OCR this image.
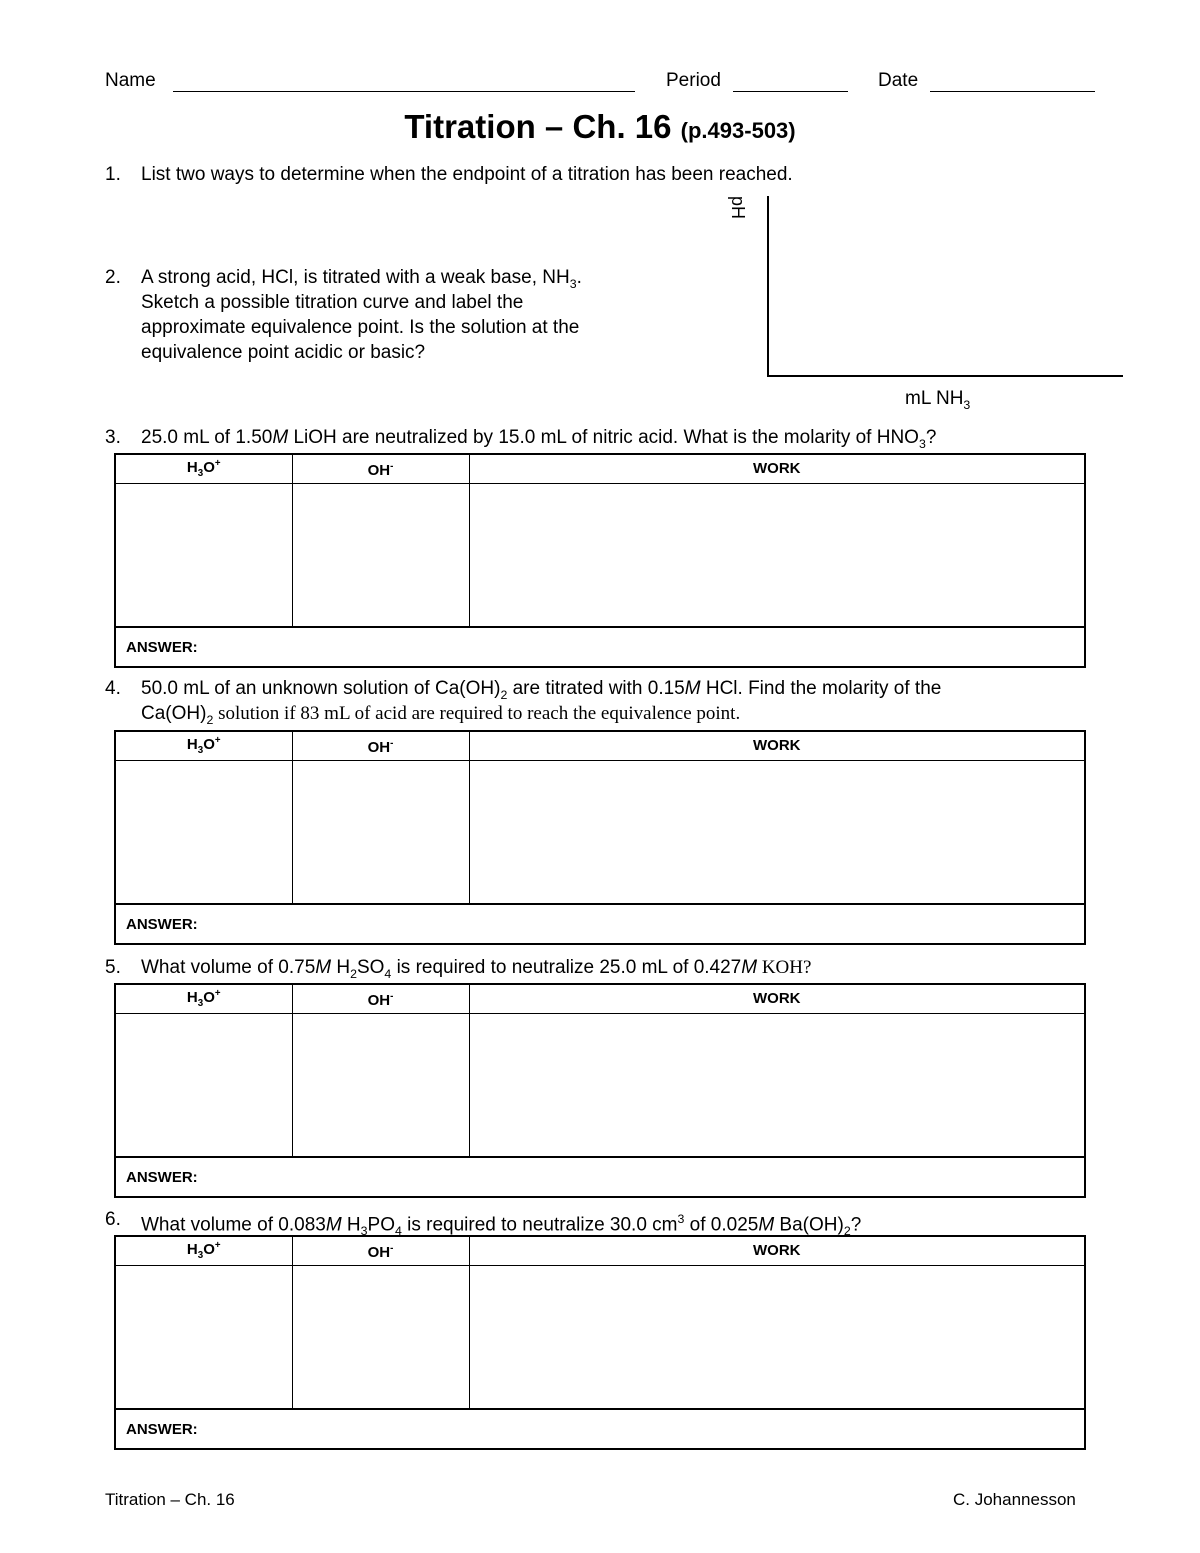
Name	Period	Date
Titration – Ch. 16 (p.493-503)
1.	List two ways to determine when the endpoint of a titration has been reached.
2.	A strong acid, HCl, is titrated with a weak base, $NH_3$.
Sketch a possible titration curve and label the
approximate equivalence point. Is the solution at the
equivalence point acidic or basic?
pH
mL $NH_3$
3.	25.0 mL of 1.50M LiOH are neutralized by 15.0 mL of nitric acid. What is the molarity of $HNO_3$?
$H_3O^+$	OH-	WORK

ANSWER:		
4.	50.0 mL of an unknown solution of $Ca(OH)_2$ are titrated with 0.15M HCl. Find the molarity of the
$Ca(OH)_2$ solution if 83 mL of acid are required to reach the equivalence point.
$H_3O^+$	OH-	WORK

ANSWER:		
5.	What volume of 0.75M $H_2SO_4$ is required to neutralize 25.0 mL of 0.427M KOH?
$H_3O^+$	OH-	WORK

ANSWER:		
6.	What volume of 0.083M $H_3PO_4$ is required to neutralize 30.0 $cm^3$ of 0.025M $Ba(OH)_2$?
$H_3O^+$	OH-	WORK

ANSWER:		
Titration – Ch. 16	C. Johannesson
